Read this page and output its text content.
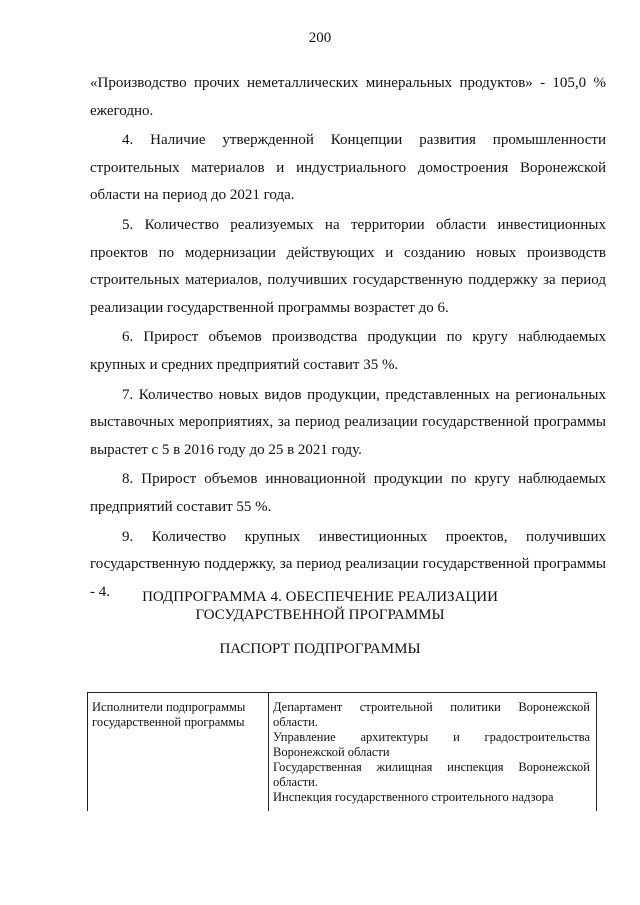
200

«Производство прочих неметаллических минеральных продуктов» - 105,0 % ежегодно.

4. Наличие утвержденной Концепции развития промышленности строительных материалов и индустриального домостроения Воронежской области на период до 2021 года.

5. Количество реализуемых на территории области инвестиционных проектов по модернизации действующих и созданию новых производств строительных материалов, получивших государственную поддержку за период реализации государственной программы возрастет до 6.

6. Прирост объемов производства продукции по кругу наблюдаемых крупных и средних предприятий составит 35 %.

7. Количество новых видов продукции, представленных на региональных выставочных мероприятиях, за период реализации государственной программы вырастет с 5 в 2016 году до 25 в 2021 году.

8. Прирост объемов инновационной продукции по кругу наблюдаемых предприятий составит 55 %.

9. Количество крупных инвестиционных проектов, получивших государственную поддержку, за период реализации государственной программы - 4.	ПОДПРОГРАММА 4. ОБЕСПЕЧЕНИЕ РЕАЛИЗАЦИИ
ГОСУДАРСТВЕННОЙ ПРОГРАММЫ
ПАСПОРТ ПОДПРОГРАММЫ
Исполнители подпрограммы государственной программы
Департамент строительной политики Воронежской области.
Управление архитектуры и градостроительства Воронежской области
Государственная жилищная инспекция Воронежской области.
Инспекция государственного строительного надзора
